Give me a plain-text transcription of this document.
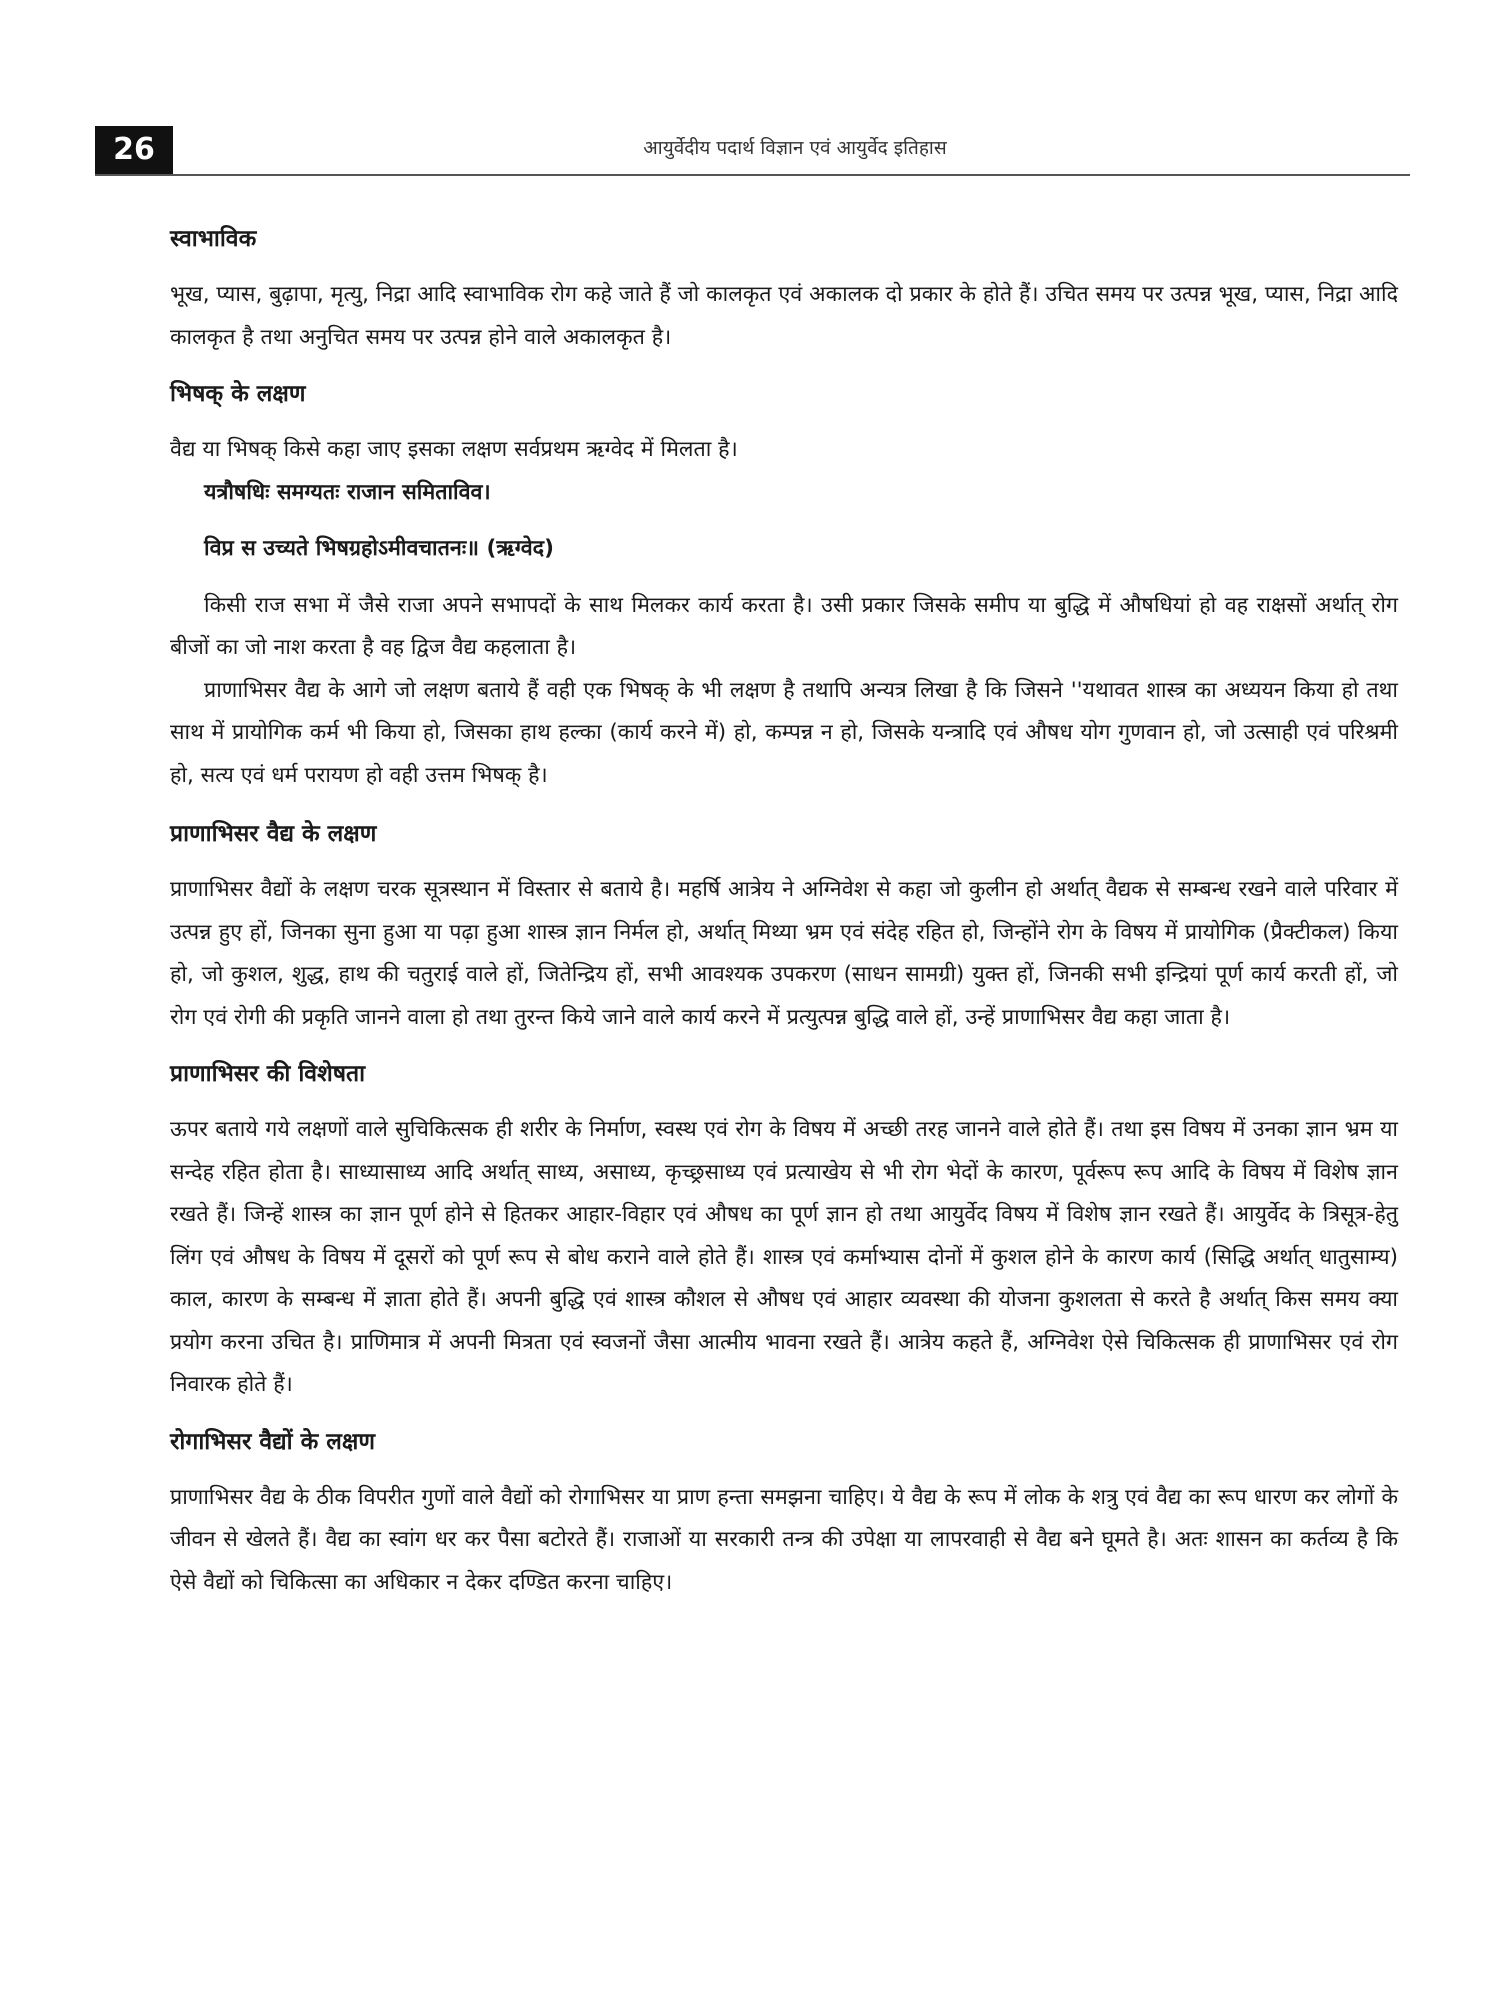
26	आयुर्वेदीय पदार्थ विज्ञान एवं आयुर्वेद इतिहास
स्वाभाविक

भूख, प्यास, बुढ़ापा, मृत्यु, निद्रा आदि स्वाभाविक रोग कहे जाते हैं जो कालकृत एवं अकालक दो प्रकार के होते हैं। उचित समय पर उत्पन्न भूख, प्यास, निद्रा आदि कालकृत है तथा अनुचित समय पर उत्पन्न होने वाले अकालकृत है।

भिषक् के लक्षण

वैद्य या भिषक् किसे कहा जाए इसका लक्षण सर्वप्रथम ऋग्वेद में मिलता है।

यत्रौषधिः समग्यतः राजान समिताविव।

विप्र स उच्यते भिषग्रहोऽमीवचातनः॥ (ऋग्वेद)

किसी राज सभा में जैसे राजा अपने सभापदों के साथ मिलकर कार्य करता है। उसी प्रकार जिसके समीप या बुद्धि में औषधियां हो वह राक्षसों अर्थात् रोग बीजों का जो नाश करता है वह द्विज वैद्य कहलाता है।

प्राणाभिसर वैद्य के आगे जो लक्षण बताये हैं वही एक भिषक् के भी लक्षण है तथापि अन्यत्र लिखा है कि जिसने ''यथावत शास्त्र का अध्ययन किया हो तथा साथ में प्रायोगिक कर्म भी किया हो, जिसका हाथ हल्का (कार्य करने में) हो, कम्पन्न न हो, जिसके यन्त्रादि एवं औषध योग गुणवान हो, जो उत्साही एवं परिश्रमी हो, सत्य एवं धर्म परायण हो वही उत्तम भिषक् है।

प्राणाभिसर वैद्य के लक्षण

प्राणाभिसर वैद्यों के लक्षण चरक सूत्रस्थान में विस्तार से बताये है। महर्षि आत्रेय ने अग्निवेश से कहा जो कुलीन हो अर्थात् वैद्यक से सम्बन्ध रखने वाले परिवार में उत्पन्न हुए हों, जिनका सुना हुआ या पढ़ा हुआ शास्त्र ज्ञान निर्मल हो, अर्थात् मिथ्या भ्रम एवं संदेह रहित हो, जिन्होंने रोग के विषय में प्रायोगिक (प्रैक्टीकल) किया हो, जो कुशल, शुद्ध, हाथ की चतुराई वाले हों, जितेन्द्रिय हों, सभी आवश्यक उपकरण (साधन सामग्री) युक्त हों, जिनकी सभी इन्द्रियां पूर्ण कार्य करती हों, जो रोग एवं रोगी की प्रकृति जानने वाला हो तथा तुरन्त किये जाने वाले कार्य करने में प्रत्युत्पन्न बुद्धि वाले हों, उन्हें प्राणाभिसर वैद्य कहा जाता है।

प्राणाभिसर की विशेषता

ऊपर बताये गये लक्षणों वाले सुचिकित्सक ही शरीर के निर्माण, स्वस्थ एवं रोग के विषय में अच्छी तरह जानने वाले होते हैं। तथा इस विषय में उनका ज्ञान भ्रम या सन्देह रहित होता है। साध्यासाध्य आदि अर्थात् साध्य, असाध्य, कृच्छ्रसाध्य एवं प्रत्याखेय से भी रोग भेदों के कारण, पूर्वरूप रूप आदि के विषय में विशेष ज्ञान रखते हैं। जिन्हें शास्त्र का ज्ञान पूर्ण होने से हितकर आहार-विहार एवं औषध का पूर्ण ज्ञान हो तथा आयुर्वेद विषय में विशेष ज्ञान रखते हैं। आयुर्वेद के त्रिसूत्र-हेतु लिंग एवं औषध के विषय में दूसरों को पूर्ण रूप से बोध कराने वाले होते हैं। शास्त्र एवं कर्माभ्यास दोनों में कुशल होने के कारण कार्य (सिद्धि अर्थात् धातुसाम्य) काल, कारण के सम्बन्ध में ज्ञाता होते हैं। अपनी बुद्धि एवं शास्त्र कौशल से औषध एवं आहार व्यवस्था की योजना कुशलता से करते है अर्थात् किस समय क्या प्रयोग करना उचित है। प्राणिमात्र में अपनी मित्रता एवं स्वजनों जैसा आत्मीय भावना रखते हैं। आत्रेय कहते हैं, अग्निवेश ऐसे चिकित्सक ही प्राणाभिसर एवं रोग निवारक होते हैं।

रोगाभिसर वैद्यों के लक्षण

प्राणाभिसर वैद्य के ठीक विपरीत गुणों वाले वैद्यों को रोगाभिसर या प्राण हन्ता समझना चाहिए। ये वैद्य के रूप में लोक के शत्रु एवं वैद्य का रूप धारण कर लोगों के जीवन से खेलते हैं। वैद्य का स्वांग धर कर पैसा बटोरते हैं। राजाओं या सरकारी तन्त्र की उपेक्षा या लापरवाही से वैद्य बने घूमते है। अतः शासन का कर्तव्य है कि ऐसे वैद्यों को चिकित्सा का अधिकार न देकर दण्डित करना चाहिए।
